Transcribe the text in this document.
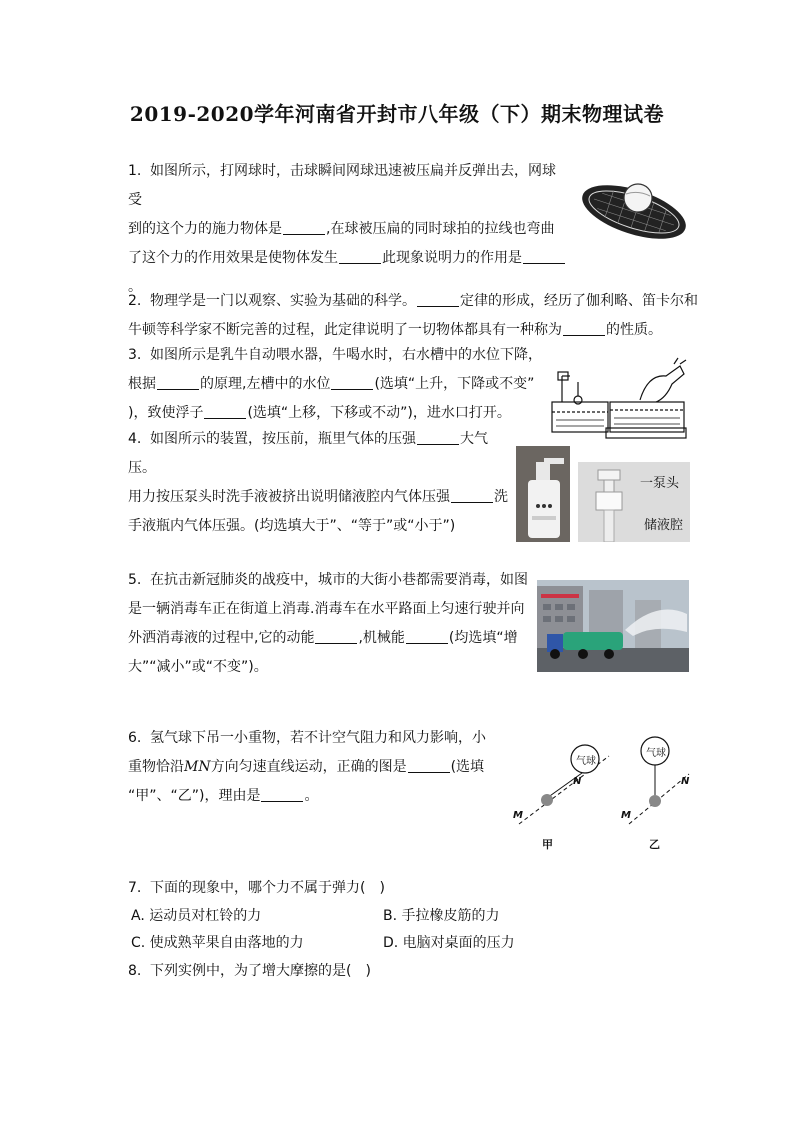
2019-2020学年河南省开封市八年级（下）期末物理试卷
1. 如图所示，打网球时，击球瞬间网球迅速被压扁并反弹出去，网球受
到的这个力的施力物体是	,在球被压扁的同时球拍的拉线也弯曲
了这个力的作用效果是使物体发生	此现象说明力的作用是。
2. 物理学是一门以观察、实验为基础的科学。	定律的形成，经历了伽利略、笛卡尔和
牛顿等科学家不断完善的过程，此定律说明了一切物体都具有一种称为	的性质。
3. 如图所示是乳牛自动喂水器，牛喝水时，右水槽中的水位下降，
根据	的原理,左槽中的水位	(选填“上升，下降或不变”
)，致使浮子	(选填“上移，下移或不动”)，进水口打开。
4. 如图所示的装置，按压前，瓶里气体的压强	大气压。
用力按压泵头时洗手液被挤出说明储液腔内气体压强	洗
手液瓶内气体压强。(均选填大于”、“等于”或“小于”)
一泵头
储液腔
5. 在抗击新冠肺炎的战疫中，城市的大街小巷都需要消毒，如图
是一辆消毒车正在街道上消毒.消毒车在水平路面上匀速行驶并向
外洒消毒液的过程中,它的动能	,机械能	(均选填“增
大”“减小”或“不变”)。
6. 氢气球下吊一小重物，若不计空气阻力和风力影响，小
重物恰沿MN方向匀速直线运动，正确的图是	(选填
“甲”、“乙”)，理由是	。
气球
气球
M
N
M
N
甲	乙
7. 下面的现象中，哪个力不属于弹力(　)
A. 运动员对杠铃的力	B. 手拉橡皮筋的力
C. 使成熟苹果自由落地的力	D. 电脑对桌面的压力
8. 下列实例中，为了增大摩擦的是(　)
